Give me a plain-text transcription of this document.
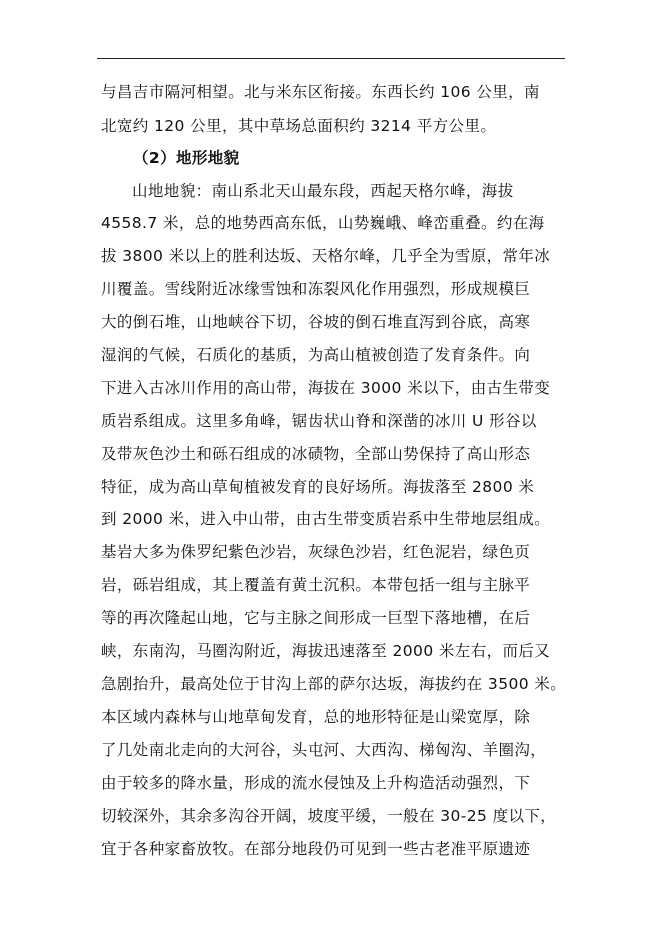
与昌吉市隔河相望。北与米东区衔接。东西长约 106 公里，南
北宽约 120 公里，其中草场总面积约 3214 平方公里。
（2）地形地貌
山地地貌：南山系北天山最东段，西起天格尔峰，海拔
4558.7 米，总的地势西高东低，山势巍峨、峰峦重叠。约在海
拔 3800 米以上的胜利达坂、天格尔峰，几乎全为雪原，常年冰
川覆盖。雪线附近冰缘雪蚀和冻裂风化作用强烈，形成规模巨
大的倒石堆，山地峡谷下切，谷坡的倒石堆直泻到谷底，高寒
湿润的气候，石质化的基质，为高山植被创造了发育条件。向
下进入古冰川作用的高山带，海拔在 3000 米以下，由古生带变
质岩系组成。这里多角峰，锯齿状山脊和深凿的冰川 U 形谷以
及带灰色沙土和砾石组成的冰碛物，全部山势保持了高山形态
特征，成为高山草甸植被发育的良好场所。海拔落至 2800 米
到 2000 米，进入中山带，由古生带变质岩系中生带地层组成。
基岩大多为侏罗纪紫色沙岩，灰绿色沙岩，红色泥岩，绿色页
岩，砾岩组成，其上覆盖有黄土沉积。本带包括一组与主脉平
等的再次隆起山地，它与主脉之间形成一巨型下落地槽，在后
峡，东南沟，马圈沟附近，海拔迅速落至 2000 米左右，而后又
急剧抬升，最高处位于甘沟上部的萨尔达坂，海拔约在 3500 米。
本区域内森林与山地草甸发育，总的地形特征是山梁宽厚，除
了几处南北走向的大河谷，头屯河、大西沟、梯匈沟、羊圈沟，
由于较多的降水量，形成的流水侵蚀及上升构造活动强烈，下
切较深外，其余多沟谷开阔，坡度平缓，一般在 30-25 度以下，
宜于各种家畜放牧。在部分地段仍可见到一些古老准平原遗迹
